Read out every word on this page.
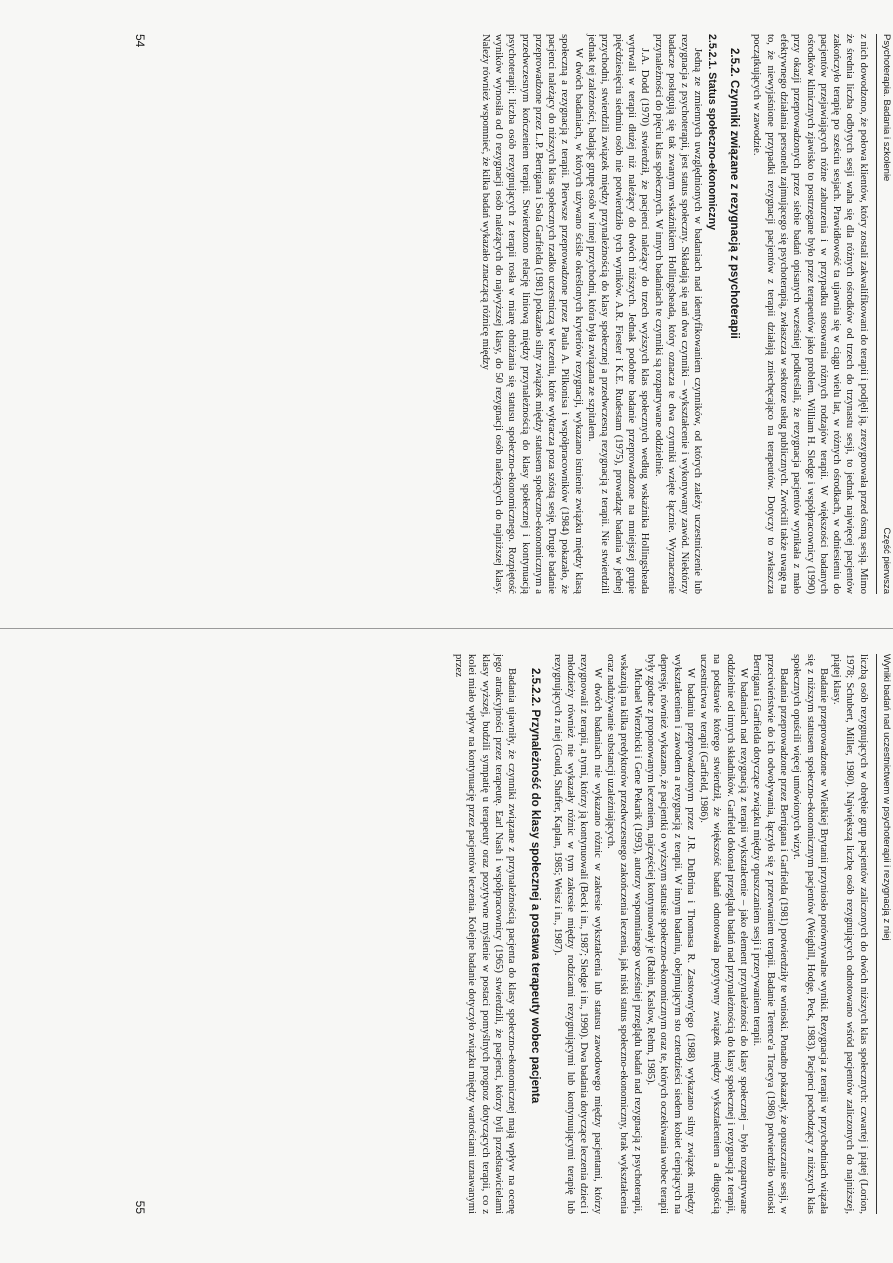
Psychoterapia. Badania i szkolenie
Część pierwsza

z nich dowodzono, że połowa klientów, który zostali zakwalifikowani do terapii i podjęli ją, zrezygnowała przed ósmą sesją. Mimo że średnia liczba odbytych sesji waha się dla różnych ośrodków od trzech do trzynastu sesji, to jednak najwięcej pacjentów zakończyło terapię po sześciu sesjach. Prawidłowość ta ujawnia się w ciągu wielu lat, w różnych ośrodkach, w odniesieniu do pacjentów przejawiających różne zaburzenia i w przypadku stosowania różnych rodzajów terapii. W większości badanych ośrodków klinicznych zjawisko to postrzegane było przez terapeutów jako problem. William H. Sledge i współpracownicy (1990) przy okazji przeprowadzonych przez siebie badań opisanych wcześniej podkreślali, że rezygnacja pacjentów wynikała z mało efektywnego działania personelu zajmującego się psychoterapią, zwłaszcza w sektorze usług publicznych. Zwrócili także uwagę na to, że niewyjaśnione przypadki rezygnacji pacjentów z terapii działają zniechęcająco na terapeutów. Dotyczy to zwłaszcza początkujących w zawodzie.

2.5.2. Czynniki związane z rezygnacją z psychoterapii

2.5.2.1. Status społeczno-ekonomiczny

Jedną ze zmiennych uwzględnionych w badaniach nad identyfikowaniem czynników, od których zależy uczestniczenie lub rezygnacja z psychoterapii, jest status społeczny. Składają się nań dwa czynniki – wykształcenie i wykonywany zawód. Niektórzy badacze posługują się tak zwanym wskaźnikiem Hollingsheada, który oznacza te dwa czynniki wzięte łącznie. Wyznaczenie przynależności do pięciu klas społecznych. W innych badaniach te czynniki są rozpatrywane oddzielnie.

J.A. Dodd (1970) stwierdził, że pacjenci należący do trzech wyższych klas społecznych według wskaźnika Hollingsheada wytrwali w terapii dłużej niż należący do dwóch niższych. Jednak podobne badanie przeprowadzone na mniejszej grupie pięćdziesięciu siedmiu osób nie potwierdziło tych wyników. A.R. Fiester i K.E. Rudestam (1975), prowadząc badania w jednej przychodni, stwierdzili związek między przynależnością do klasy społecznej a przedwczesną rezygnacją z terapii. Nie stwierdzili jednak tej zależności, badając grupę osób w innej przychodni, która była związana ze szpitalem.

W dwóch badaniach, w których używano ściśle określonych kryteriów rezygnacji, wykazano istnienie związku między klasą społeczną a rezygnacją z terapii. Pierwsze przeprowadzone przez Paula A. Pilkonisa i współpracowników (1984) pokazało, że pacjenci należący do niższych klas społecznych rzadko uczestniczą w leczeniu, które wykracza poza szóstą sesję. Drugie badanie przeprowadzone przez L.P. Berrigana i Sola Garfielda (1981) pokazało silny związek między statusem społeczno-ekonomicznym a przedwczesnym kończeniem terapii. Stwierdzono relację liniową między przynależnością do klasy społecznej i kontynuacją psychoterapii; liczba osób rezygnujących z terapii rosła w miarę obniżania się statusu społeczno-ekonomicznego. Rozpiętość wyników wynosiła od 0 rezygnacji osób należących do najwyższej klasy, do 50 rezygnacji osób należących do najniższej klasy. Należy również wspomnieć, że kilka badań wykazało znaczącą różnicę między

54
Wyniki badań nad uczestnictwem w psychoterapii i rezygnacją z niej

liczbą osób rezygnujących w obrębie grup pacjentów zaliczonych do dwóch niższych klas społecznych: czwartej i piątej (Lorion, 1978; Schubert, Miller, 1980). Największą liczbę osób rezygnujących odnotowano wśród pacjentów zaliczonych do najniższej, piątej klasy.

Badanie przeprowadzone w Wielkiej Brytanii przyniosło porównywalne wyniki. Rezygnacja z terapii w przychodniach wiązała się z niższym statusem społeczno-ekonomicznym pacjentów (Weighill, Hodge, Peck, 1983). Pacjenci pochodzący z niższych klas społecznych opuścili więcej umówionych wizyt.

Badania przeprowadzone przez Berrigana i Garfielda (1981) potwierdziły te wnioski. Ponadto pokazały, że opuszczanie sesji, w przeciwieństwie do ich odwoływania, łączyło się z przerwaniem terapii. Badanie Terence'a Traceya (1986) potwierdziło wnioski Berrigana i Garfielda dotyczące związku między opuszczaniem sesji i przerywaniem terapii.

W badaniach nad rezygnacją z terapii wykształcenie – jako element przynależności do klasy społecznej – było rozpatrywane oddzielnie od innych składników. Garfield dokonał przeglądu badań nad przynależnością do klasy społecznej i rezygnacją z terapii, na podstawie którego stwierdził, że większość badań odnotowała pozytywny związek między wykształceniem a długością uczestnictwa w terapii (Garfield, 1986).

W badaniu przeprowadzonym przez J.R. DuBrina i Thomasa R. Zastowny'ego (1988) wykazano silny związek między wykształceniem i zawodem a rezygnacją z terapii. W innym badaniu, obejmującym sto czterdzieści siedem kobiet cierpiących na depresję, również wykazano, że pacjentki o wyższym statusie społeczno-ekonomicznym oraz te, których oczekiwania wobec terapii były zgodne z proponowanym leczeniem, najczęściej kontynuowały je (Rabin, Kaslow, Rehm, 1985).

Michael Wierzbicki i Gene Pekarik (1993), autorzy wspomnianego wcześniej przeglądu badań nad rezygnacją z psychoterapii, wskazują na kilka predyktorów przedwczesnego zakończenia leczenia, jak niski status społeczno-ekonomiczny, brak wykształcenia oraz nadużywanie substancji uzależniających.

W dwóch badaniach nie wykazano różnic w zakresie wykształcenia lub statusu zawodowego między pacjentami, którzy rezygnowali z terapii, a tymi, którzy ją kontynuowali (Beck i in., 1987; Sledge i in., 1990). Dwa badania dotyczące leczenia dzieci i młodzieży również nie wykazały różnic w tym zakresie między rodzicami rezygnującymi lub kontynuującymi terapię lub rezygnujących z niej (Gould, Shaffer, Kaplan, 1985; Weisz i in., 1987).

2.5.2.2. Przynależność do klasy społecznej a postawa terapeuty wobec pacjenta

Badania ujawniły, że czynniki związane z przynależnością pacjenta do klasy społeczno-ekonomicznej mają wpływ na ocenę jego atrakcyjności przez terapeutę. Earl Nash i współpracownicy (1965) stwierdzili, że pacjenci, którzy byli przedstawicielami klasy wyższej, budzili sympatię u terapeuty oraz pozytywne myślenie w postaci pomyślnych prognoz dotyczących terapii, co z kolei miało wpływ na kontynuację przez pacjentów leczenia. Kolejne badanie dotyczyło związku między wartościami uznawanymi przez

55
